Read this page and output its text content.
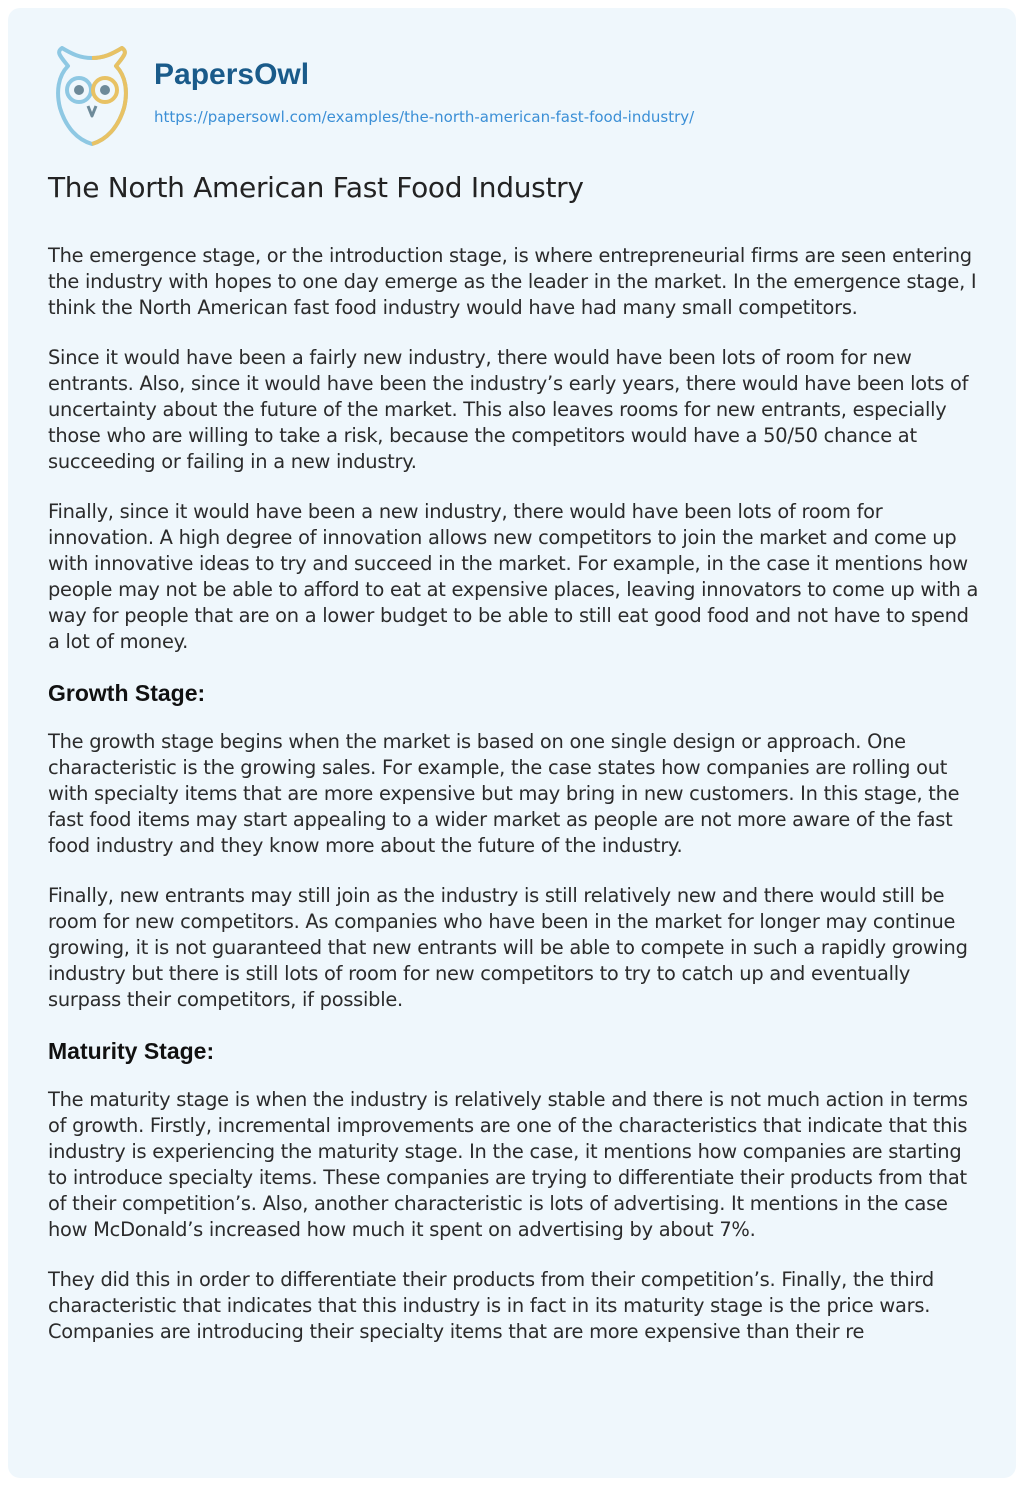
PapersOwl
https://papersowl.com/examples/the-north-american-fast-food-industry/
The North American Fast Food Industry

The emergence stage, or the introduction stage, is where entrepreneurial firms are seen entering the industry with hopes to one day emerge as the leader in the market. In the emergence stage, I think the North American fast food industry would have had many small competitors.

Since it would have been a fairly new industry, there would have been lots of room for new entrants. Also, since it would have been the industry’s early years, there would have been lots of uncertainty about the future of the market. This also leaves rooms for new entrants, especially those who are willing to take a risk, because the competitors would have a 50/50 chance at succeeding or failing in a new industry.

Finally, since it would have been a new industry, there would have been lots of room for innovation. A high degree of innovation allows new competitors to join the market and come up with innovative ideas to try and succeed in the market. For example, in the case it mentions how people may not be able to afford to eat at expensive places, leaving innovators to come up with a way for people that are on a lower budget to be able to still eat good food and not have to spend a lot of money.

Growth Stage:

The growth stage begins when the market is based on one single design or approach. One characteristic is the growing sales. For example, the case states how companies are rolling out with specialty items that are more expensive but may bring in new customers. In this stage, the fast food items may start appealing to a wider market as people are not more aware of the fast food industry and they know more about the future of the industry.

Finally, new entrants may still join as the industry is still relatively new and there would still be room for new competitors. As companies who have been in the market for longer may continue growing, it is not guaranteed that new entrants will be able to compete in such a rapidly growing industry but there is still lots of room for new competitors to try to catch up and eventually surpass their competitors, if possible.

Maturity Stage:

The maturity stage is when the industry is relatively stable and there is not much action in terms of growth. Firstly, incremental improvements are one of the characteristics that indicate that this industry is experiencing the maturity stage. In the case, it mentions how companies are starting to introduce specialty items. These companies are trying to differentiate their products from that of their competition’s. Also, another characteristic is lots of advertising. It mentions in the case how McDonald’s increased how much it spent on advertising by about 7%.

They did this in order to differentiate their products from their competition’s. Finally, the third characteristic that indicates that this industry is in fact in its maturity stage is the price wars. Companies are introducing their specialty items that are more expensive than their re
